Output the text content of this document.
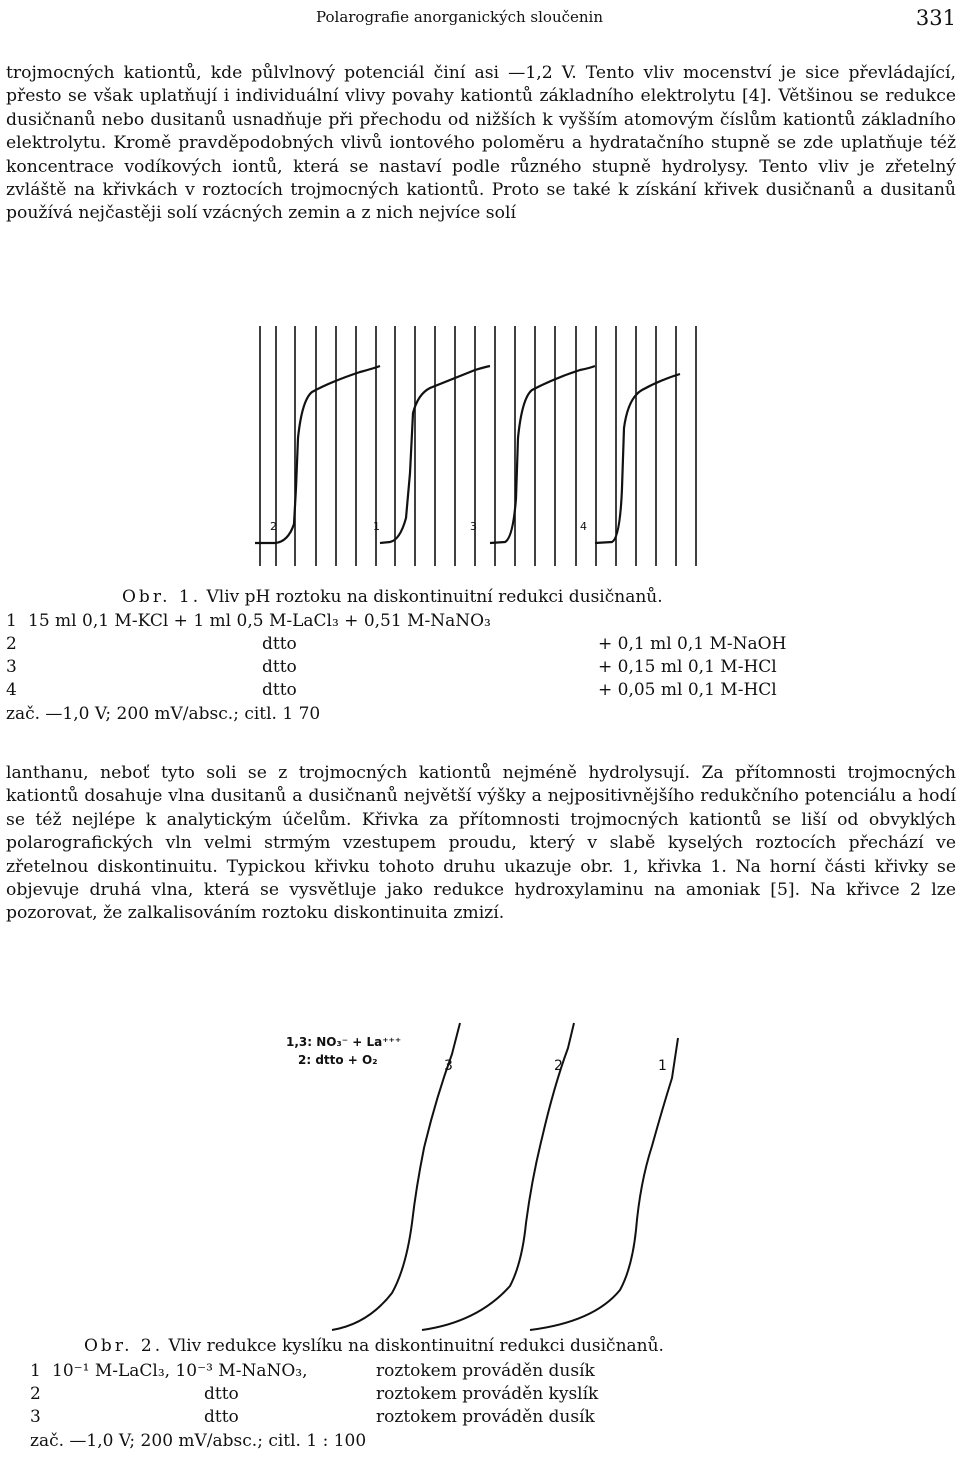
Polarografie anorganických sloučenin	331

trojmocných kationtů, kde půlvlnový potenciál činí asi —1,2 V. Tento vliv mocenství je sice převládající, přesto se však uplatňují i individuální vlivy povahy kationtů základního elektrolytu [4]. Většinou se redukce dusičnanů nebo dusitanů usnadňuje při přechodu od nižších k vyšším atomovým číslům kationtů základního elektrolytu. Kromě pravděpodobných vlivů iontového poloměru a hydratačního stupně se zde uplatňuje též koncentrace vodíkových iontů, která se nastaví podle různého stupně hydrolysy. Tento vliv je zřetelný zvláště na křivkách v roztocích trojmocných kationtů. Proto se také k získání křivek dusičnanů a dusitanů používá nejčastěji solí vzácných zemin a z nich nejvíce solí

2	1	3	4
Obr. 1. Vliv pH roztoku na diskontinuitní redukci dusičnanů.
1 15 ml 0,1 M-KCl + 1 ml 0,5 M-LaCl₃ + 0,51 M-NaNO₃
2	dtto	+ 0,1 ml 0,1 M-NaOH
3	dtto	+ 0,15 ml 0,1 M-HCl
4	dtto	+ 0,05 ml 0,1 M-HCl
zač. —1,0 V; 200 mV/absc.; citl. 1 70

lanthanu, neboť tyto soli se z trojmocných kationtů nejméně hydrolysují. Za přítomnosti trojmocných kationtů dosahuje vlna dusitanů a dusičnanů největší výšky a nejpositivnějšího redukčního potenciálu a hodí se též nejlépe k analytickým účelům. Křivka za přítomnosti trojmocných kationtů se liší od obvyklých polarografických vln velmi strmým vzestupem proudu, který v slabě kyselých roztocích přechází ve zřetelnou diskontinuitu. Typickou křivku tohoto druhu ukazuje obr. 1, křivka 1. Na horní části křivky se objevuje druhá vlna, která se vysvětluje jako redukce hydroxylaminu na amoniak [5]. Na křivce 2 lze pozorovat, že zalkalisováním roztoku diskontinuita zmizí.

1,3: NO₃⁻ + La⁺⁺⁺
2: dtto + O₂	3	2	1
Obr. 2. Vliv redukce kyslíku na diskontinuitní redukci dusičnanů.
1 10⁻¹ M-LaCl₃, 10⁻³ M-NaNO₃,	roztokem prováděn dusík
2	dtto	roztokem prováděn kyslík
3	dtto	roztokem prováděn dusík
zač. —1,0 V; 200 mV/absc.; citl. 1 : 100
